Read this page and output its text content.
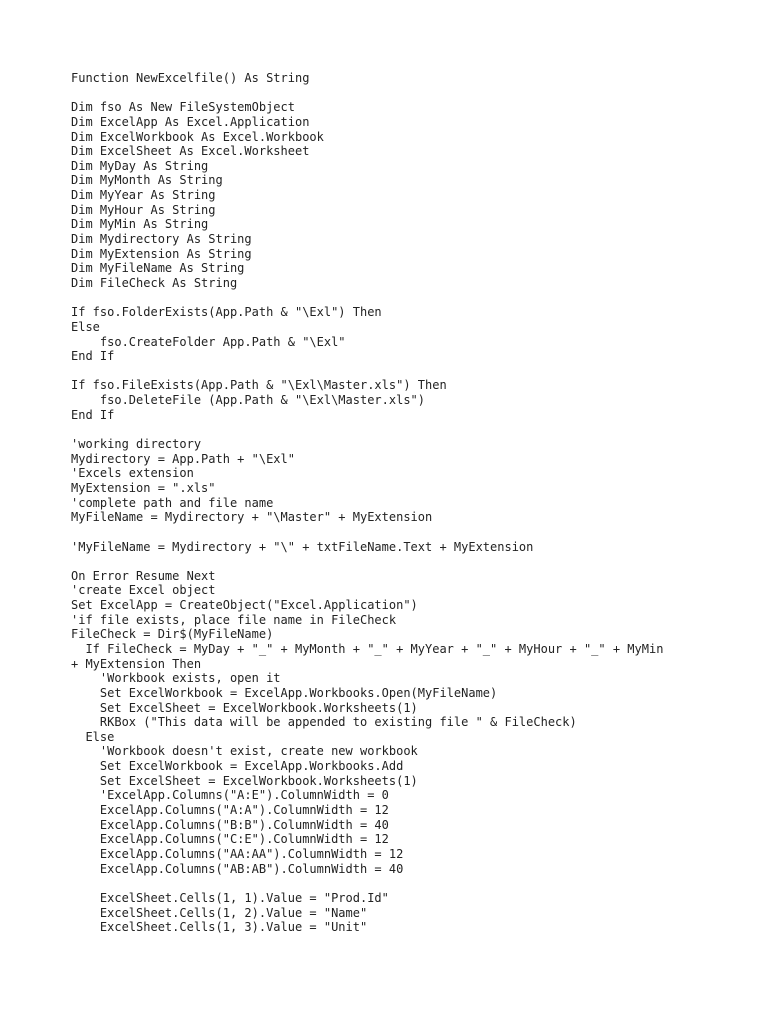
Function NewExcelfile() As String
Dim fso As New FileSystemObject
Dim ExcelApp As Excel.Application
Dim ExcelWorkbook As Excel.Workbook
Dim ExcelSheet As Excel.Worksheet
Dim MyDay As String
Dim MyMonth As String
Dim MyYear As String
Dim MyHour As String
Dim MyMin As String
Dim Mydirectory As String
Dim MyExtension As String
Dim MyFileName As String
Dim FileCheck As String
If fso.FolderExists(App.Path & "\Exl") Then
Else
fso.CreateFolder App.Path & "\Exl"
End If
If fso.FileExists(App.Path & "\Exl\Master.xls") Then
fso.DeleteFile (App.Path & "\Exl\Master.xls")
End If
'working directory
Mydirectory = App.Path + "\Exl"
'Excels extension
MyExtension = ".xls"
'complete path and file name
MyFileName = Mydirectory + "\Master" + MyExtension
'MyFileName = Mydirectory + "\" + txtFileName.Text + MyExtension
On Error Resume Next
'create Excel object
Set ExcelApp = CreateObject("Excel.Application")
'if file exists, place file name in FileCheck
FileCheck = Dir$(MyFileName)
If FileCheck = MyDay + "_" + MyMonth + "_" + MyYear + "_" + MyHour + "_" + MyMin
+ MyExtension Then
'Workbook exists, open it
Set ExcelWorkbook = ExcelApp.Workbooks.Open(MyFileName)
Set ExcelSheet = ExcelWorkbook.Worksheets(1)
RKBox ("This data will be appended to existing file " & FileCheck)
Else
'Workbook doesn't exist, create new workbook
Set ExcelWorkbook = ExcelApp.Workbooks.Add
Set ExcelSheet = ExcelWorkbook.Worksheets(1)
'ExcelApp.Columns("A:E").ColumnWidth = 0
ExcelApp.Columns("A:A").ColumnWidth = 12
ExcelApp.Columns("B:B").ColumnWidth = 40
ExcelApp.Columns("C:E").ColumnWidth = 12
ExcelApp.Columns("AA:AA").ColumnWidth = 12
ExcelApp.Columns("AB:AB").ColumnWidth = 40
ExcelSheet.Cells(1, 1).Value = "Prod.Id"
ExcelSheet.Cells(1, 2).Value = "Name"
ExcelSheet.Cells(1, 3).Value = "Unit"
